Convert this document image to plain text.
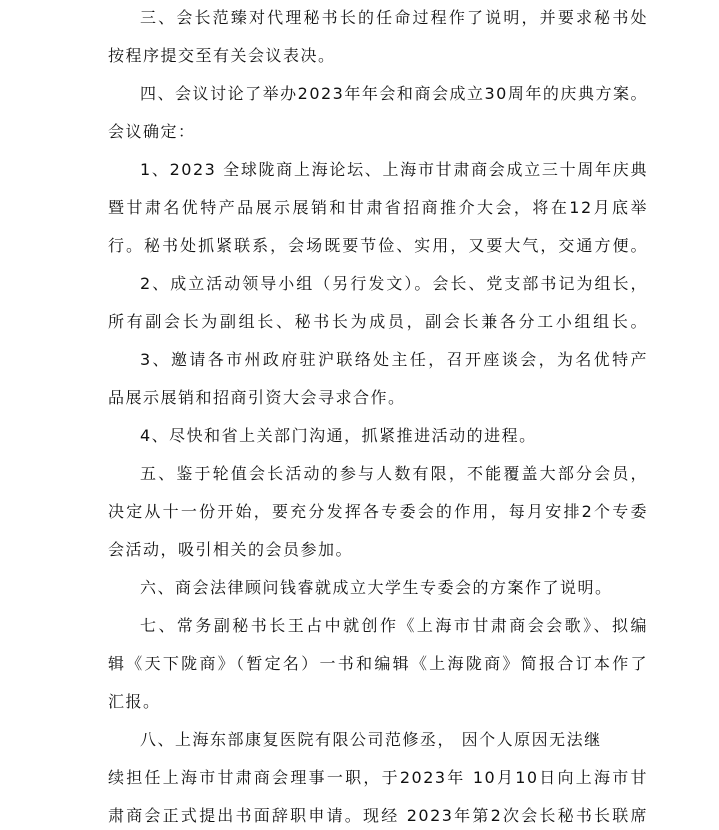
三、会长范臻对代理秘书长的任命过程作了说明，并要求秘书处
按程序提交至有关会议表决。
四、会议讨论了举办2023年年会和商会成立30周年的庆典方案。
会议确定：
1、2023 全球陇商上海论坛、上海市甘肃商会成立三十周年庆典
暨甘肃名优特产品展示展销和甘肃省招商推介大会，将在12月底举
行。秘书处抓紧联系，会场既要节俭、实用，又要大气，交通方便。
2、成立活动领导小组（另行发文）。会长、党支部书记为组长，
所有副会长为副组长、秘书长为成员，副会长兼各分工小组组长。
3、邀请各市州政府驻沪联络处主任，召开座谈会，为名优特产
品展示展销和招商引资大会寻求合作。
4、尽快和省上关部门沟通，抓紧推进活动的进程。
五、鉴于轮值会长活动的参与人数有限，不能覆盖大部分会员，
决定从十一份开始，要充分发挥各专委会的作用，每月安排2个专委
会活动，吸引相关的会员参加。
六、商会法律顾问钱睿就成立大学生专委会的方案作了说明。
七、常务副秘书长王占中就创作《上海市甘肃商会会歌》、拟编
辑《天下陇商》（暂定名）一书和编辑《上海陇商》简报合订本作了
汇报。
八、上海东部康复医院有限公司范修丞， 因个人原因无法继
续担任上海市甘肃商会理事一职，于2023年 10月10日向上海市甘
肃商会正式提出书面辞职申请。现经 2023年第2次会长秘书长联席
